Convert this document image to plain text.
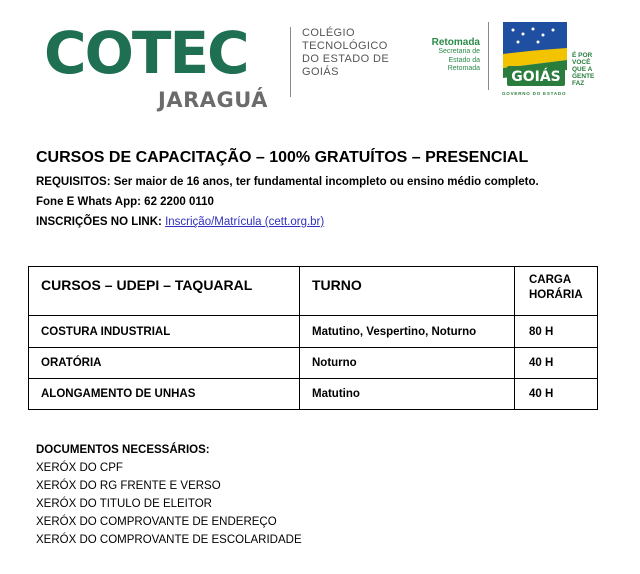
COTEC
JARAGUÁ
COLÉGIO
TECNOLÓGICO
DO ESTADO DE
GOIÁS
Retomada
Secretaria de
Estado da
Retomada
GOIÁS
É POR
VOCÊ
QUE A
GENTE
FAZ
GOVERNO DO ESTADO
CURSOS DE CAPACITAÇÃO – 100% GRATUÍTOS – PRESENCIAL
REQUISITOS: Ser maior de 16 anos, ter fundamental incompleto ou ensino médio completo.
Fone E Whats App: 62 2200 0110
INSCRIÇÕES NO LINK: Inscrição/Matrícula (cett.org.br)
CURSOS – UDEPI – TAQUARAL	TURNO	CARGA
HORÁRIA

COSTURA INDUSTRIAL	Matutino, Vespertino, Noturno	80 H
ORATÓRIA	Noturno	40 H
ALONGAMENTO DE UNHAS	Matutino	40 H
DOCUMENTOS NECESSÁRIOS:
XERÓX DO CPF
XERÓX DO RG FRENTE E VERSO
XERÓX DO TITULO DE ELEITOR
XERÓX DO COMPROVANTE DE ENDEREÇO
XERÓX DO COMPROVANTE DE ESCOLARIDADE
